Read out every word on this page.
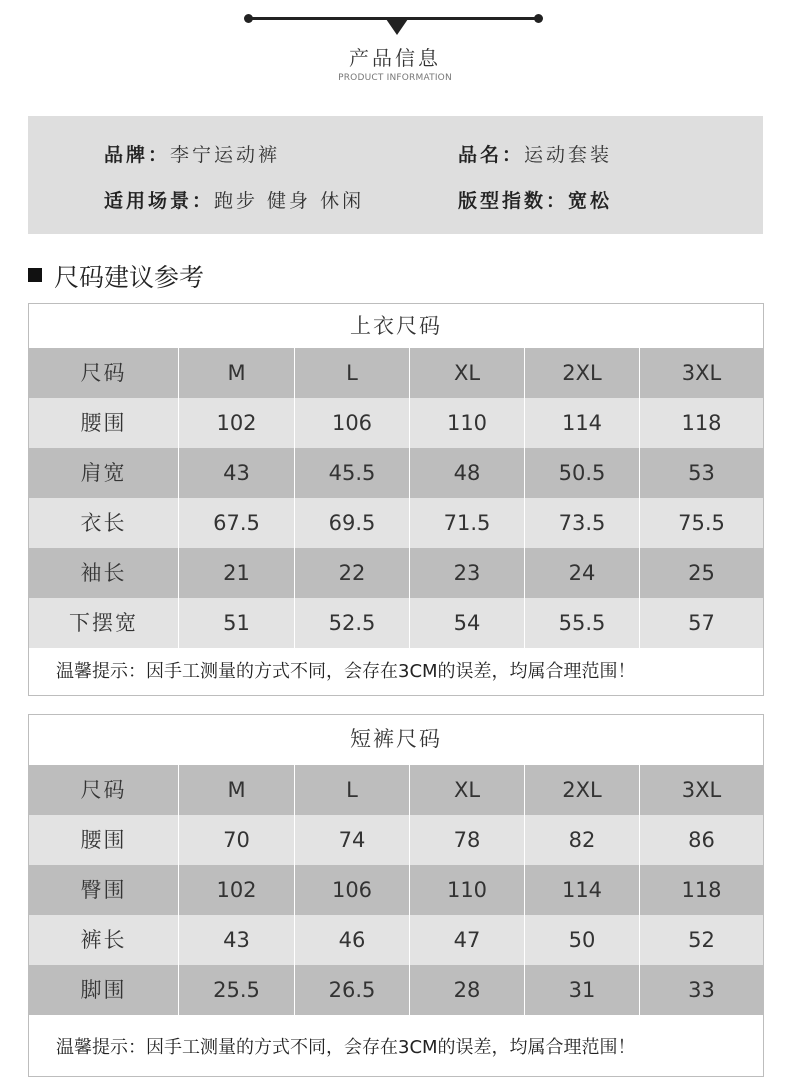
产品信息
PRODUCT INFORMATION
品牌：李宁运动裤	品名：运动套装
适用场景：跑步 健身 休闲	版型指数：宽松
尺码建议参考
上衣尺码
尺码	M	L	XL	2XL	3XL
腰围	102	106	110	114	118
肩宽	43	45.5	48	50.5	53
衣长	67.5	69.5	71.5	73.5	75.5
袖长	21	22	23	24	25
下摆宽	51	52.5	54	55.5	57
温馨提示：因手工测量的方式不同，会存在3CM的误差，均属合理范围！
短裤尺码
尺码	M	L	XL	2XL	3XL
腰围	70	74	78	82	86
臀围	102	106	110	114	118
裤长	43	46	47	50	52
脚围	25.5	26.5	28	31	33
温馨提示：因手工测量的方式不同，会存在3CM的误差，均属合理范围！
